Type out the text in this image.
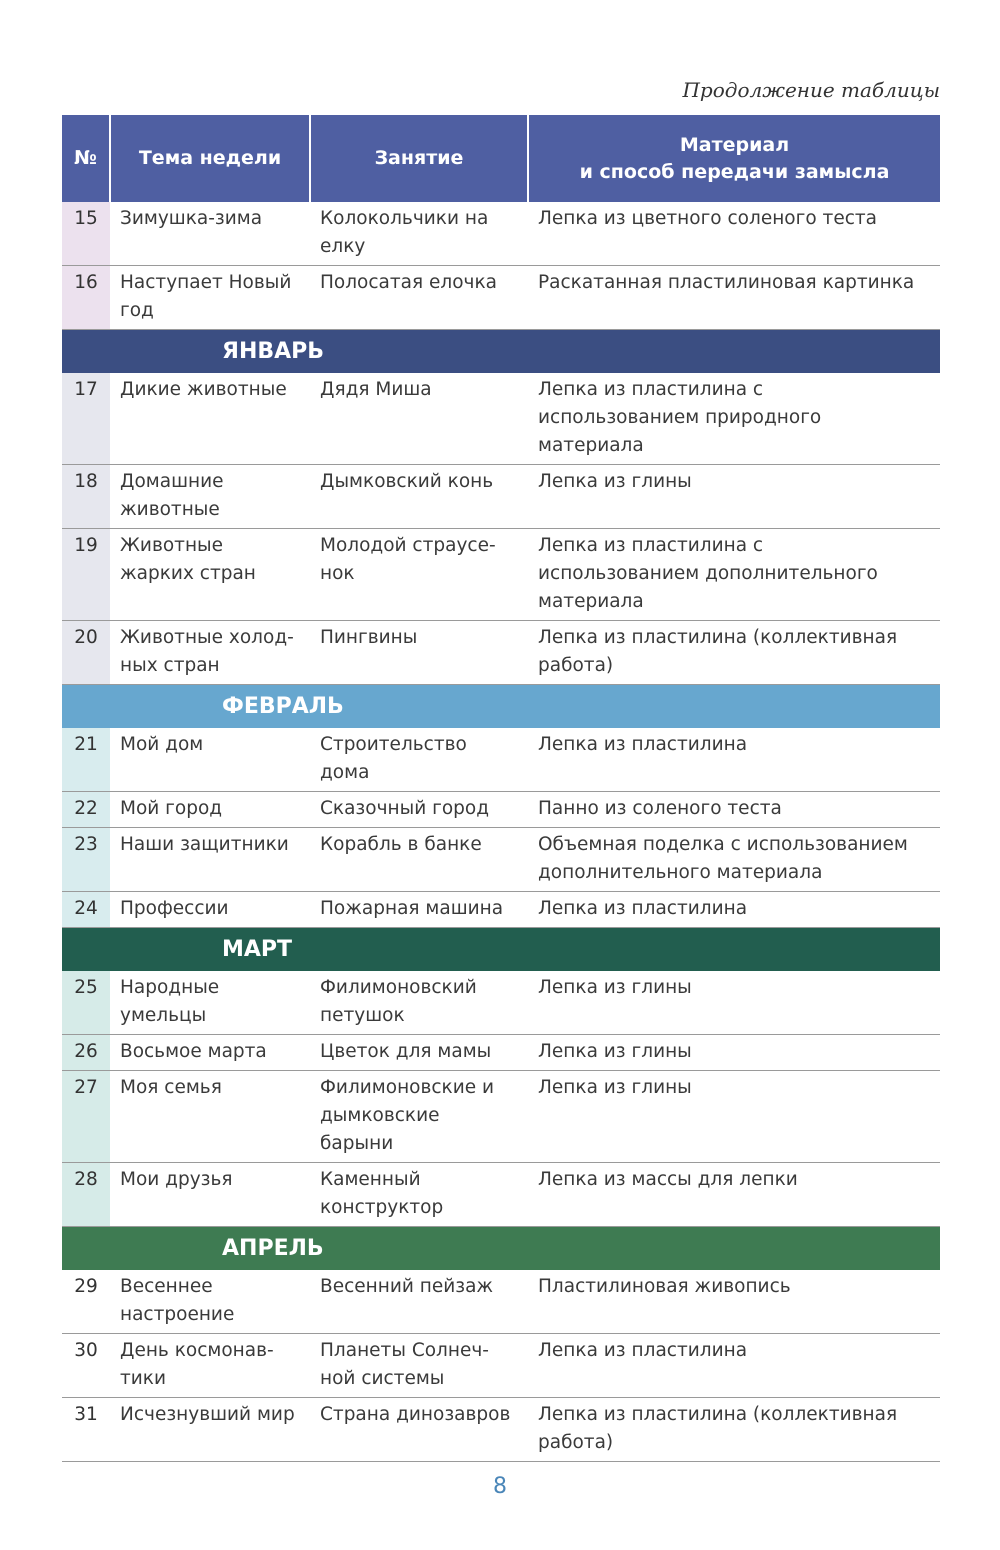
Продолжение таблицы
№	Тема недели	Занятие	Материал
и способ передачи замысла
15	Зимушка-зима	Колокольчики на елку	Лепка из цветного соленого теста
16	Наступает Новый год	Полосатая елочка	Раскатанная пластилиновая картинка
ЯНВАРЬ			
17	Дикие животные	Дядя Миша	Лепка из пластилина с использованием природного материала
18	Домашние животные	Дымковский конь	Лепка из глины
19	Животные жарких стран	Молодой страусе-нок	Лепка из пластилина с использованием дополнительного материала
20	Животные холод-ных стран	Пингвины	Лепка из пластилина (коллективная работа)
ФЕВРАЛЬ			
21	Мой дом	Строительство дома	Лепка из пластилина
22	Мой город	Сказочный город	Панно из соленого теста
23	Наши защитники	Корабль в банке	Объемная поделка с использованием дополнительного материала
24	Профессии	Пожарная машина	Лепка из пластилина
МАРТ			
25	Народные умельцы	Филимоновский петушок	Лепка из глины
26	Восьмое марта	Цветок для мамы	Лепка из глины
27	Моя семья	Филимоновские и дымковские барыни	Лепка из глины
28	Мои друзья	Каменный конструктор	Лепка из массы для лепки
АПРЕЛЬ			
29	Весеннее настроение	Весенний пейзаж	Пластилиновая живопись
30	День космонав-тики	Планеты Солнеч-ной системы	Лепка из пластилина
31	Исчезнувший мир	Страна динозавров	Лепка из пластилина (коллективная работа)
8
